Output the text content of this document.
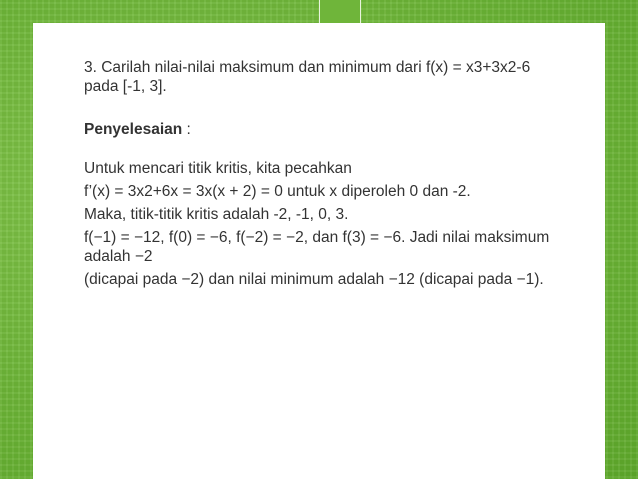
3. Carilah nilai-nilai maksimum dan minimum dari f(x) = x3+3x2-6 pada [-1, 3].

Penyelesaian :

Untuk mencari titik kritis, kita pecahkan

f’(x) = 3x2+6x = 3x(x + 2) = 0 untuk x diperoleh 0 dan -2.

Maka, titik-titik kritis adalah -2, -1, 0, 3.

f(−1) = −12, f(0) = −6, f(−2) = −2, dan f(3) = −6. Jadi nilai maksimum adalah −2

(dicapai pada −2) dan nilai minimum adalah −12 (dicapai pada −1).
